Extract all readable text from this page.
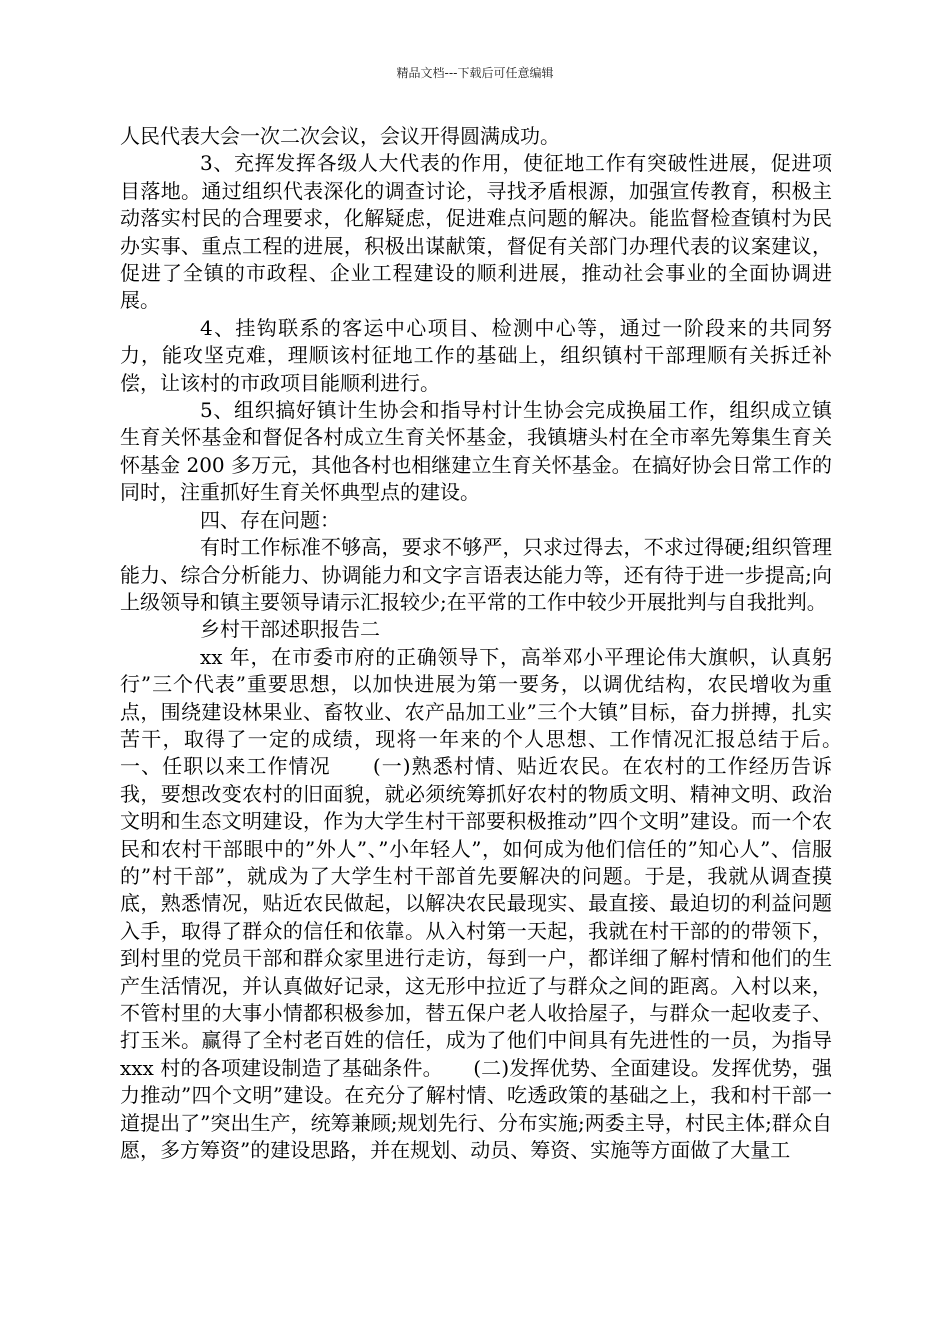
精品文档---下载后可任意编辑

人民代表大会一次二次会议，会议开得圆满成功。

3、充挥发挥各级人大代表的作用，使征地工作有突破性进展，促进项目落地。通过组织代表深化的调查讨论，寻找矛盾根源，加强宣传教育，积极主动落实村民的合理要求，化解疑虑，促进难点问题的解决。能监督检查镇村为民办实事、重点工程的进展，积极出谋献策，督促有关部门办理代表的议案建议，促进了全镇的市政程、企业工程建设的顺利进展，推动社会事业的全面协调进展。

4、挂钩联系的客运中心项目、检测中心等，通过一阶段来的共同努力，能攻坚克难，理顺该村征地工作的基础上，组织镇村干部理顺有关拆迁补偿，让该村的市政项目能顺利进行。

5、组织搞好镇计生协会和指导村计生协会完成换届工作，组织成立镇生育关怀基金和督促各村成立生育关怀基金，我镇塘头村在全市率先筹集生育关怀基金 200 多万元，其他各村也相继建立生育关怀基金。在搞好协会日常工作的同时，注重抓好生育关怀典型点的建设。

四、存在问题：

有时工作标准不够高，要求不够严，只求过得去，不求过得硬;组织管理能力、综合分析能力、协调能力和文字言语表达能力等，还有待于进一步提高;向上级领导和镇主要领导请示汇报较少;在平常的工作中较少开展批判与自我批判。

乡村干部述职报告二

xx 年，在市委市府的正确领导下，高举邓小平理论伟大旗帜，认真躬行”三个代表”重要思想，以加快进展为第一要务，以调优结构，农民增收为重点，围绕建设林果业、畜牧业、农产品加工业”三个大镇”目标，奋力拼搏，扎实苦干，取得了一定的成绩，现将一年来的个人思想、工作情况汇报总结于后。　　　一、任职以来工作情况　　(一)熟悉村情、贴近农民。在农村的工作经历告诉我，要想改变农村的旧面貌，就必须统筹抓好农村的物质文明、精神文明、政治文明和生态文明建设，作为大学生村干部要积极推动”四个文明”建设。而一个农民和农村干部眼中的”外人”、”小年轻人”，如何成为他们信任的”知心人”、信服的”村干部”，就成为了大学生村干部首先要解决的问题。于是，我就从调查摸底，熟悉情况，贴近农民做起，以解决农民最现实、最直接、最迫切的利益问题入手，取得了群众的信任和依靠。从入村第一天起，我就在村干部的的带领下，到村里的党员干部和群众家里进行走访，每到一户，都详细了解村情和他们的生产生活情况，并认真做好记录，这无形中拉近了与群众之间的距离。入村以来，不管村里的大事小情都积极参加，替五保户老人收拾屋子，与群众一起收麦子、打玉米。赢得了全村老百姓的信任，成为了他们中间具有先进性的一员，为指导 xxx 村的各项建设制造了基础条件。　　(二)发挥优势、全面建设。发挥优势，强力推动”四个文明”建设。在充分了解村情、吃透政策的基础之上，我和村干部一道提出了”突出生产，统筹兼顾;规划先行、分布实施;两委主导，村民主体;群众自愿，多方筹资”的建设思路，并在规划、动员、筹资、实施等方面做了大量工
